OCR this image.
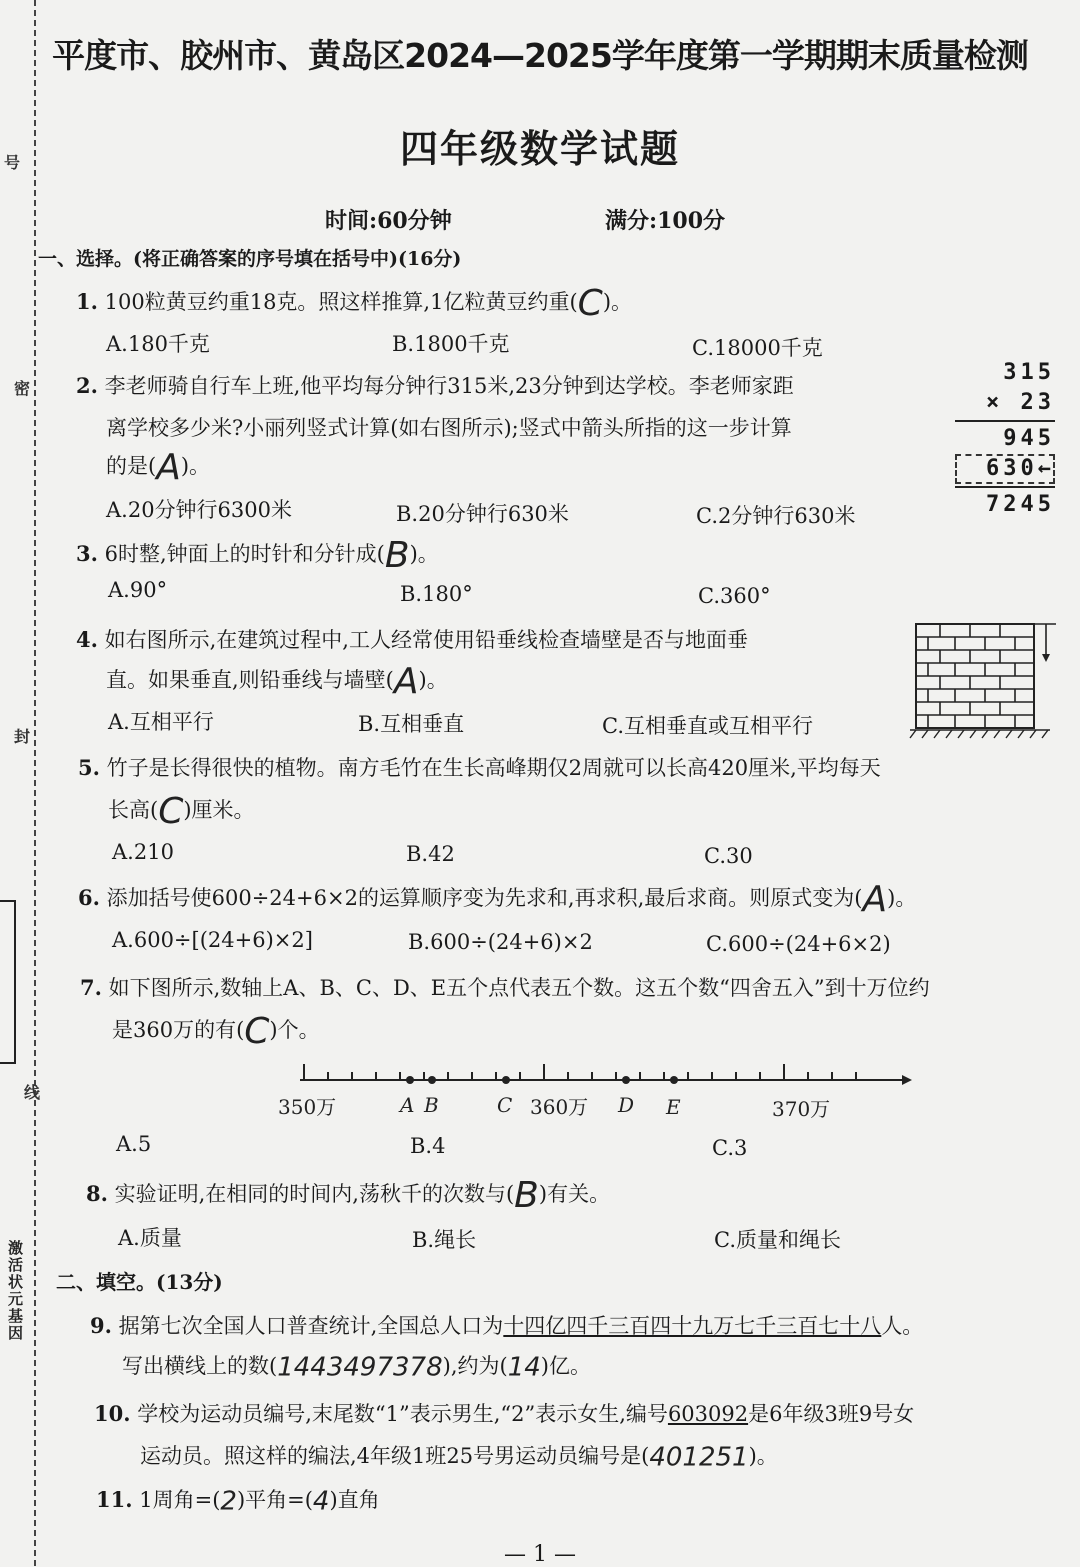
号
密
封
线
激活状元基因
平度市、胶州市、黄岛区2024—2025学年度第一学期期末质量检测
四年级数学试题
时间:60分钟	满分:100分
一、选择。(将正确答案的序号填在括号中)(16分)
1. 100粒黄豆约重18克。照这样推算,1亿粒黄豆约重(C)。
A.180千克	B.1800千克	C.18000千克
2. 李老师骑自行车上班,他平均每分钟行315米,23分钟到达学校。李老师家距
离学校多少米?小丽列竖式计算(如右图所示);竖式中箭头所指的这一步计算
的是(A)。
A.20分钟行6300米	B.20分钟行630米	C.2分钟行630米
315
× 23
945
630←
7245
3. 6时整,钟面上的时针和分针成(B)。
A.90°	B.180°	C.360°
4. 如右图所示,在建筑过程中,工人经常使用铅垂线检查墙壁是否与地面垂
直。如果垂直,则铅垂线与墙壁(A)。
A.互相平行	B.互相垂直	C.互相垂直或互相平行
5. 竹子是长得很快的植物。南方毛竹在生长高峰期仅2周就可以长高420厘米,平均每天
长高(C)厘米。
A.210	B.42	C.30
6. 添加括号使600÷24+6×2的运算顺序变为先求和,再求积,最后求商。则原式变为(A)。
A.600÷[(24+6)×2]	B.600÷(24+6)×2	C.600÷(24+6×2)
7. 如下图所示,数轴上A、B、C、D、E五个点代表五个数。这五个数“四舍五入”到十万位约
是360万的有(C)个。
350万	A B	C 360万 D E	370万
A.5	B.4	C.3
8. 实验证明,在相同的时间内,荡秋千的次数与(B)有关。
A.质量	B.绳长	C.质量和绳长
二、填空。(13分)
9. 据第七次全国人口普查统计,全国总人口为十四亿四千三百四十九万七千三百七十八人。
写出横线上的数(1443497378),约为(14)亿。
10. 学校为运动员编号,末尾数“1”表示男生,“2”表示女生,编号603092是6年级3班9号女
运动员。照这样的编法,4年级1班25号男运动员编号是(401251)。
11. 1周角=(2)平角=(4)直角
— 1 —
